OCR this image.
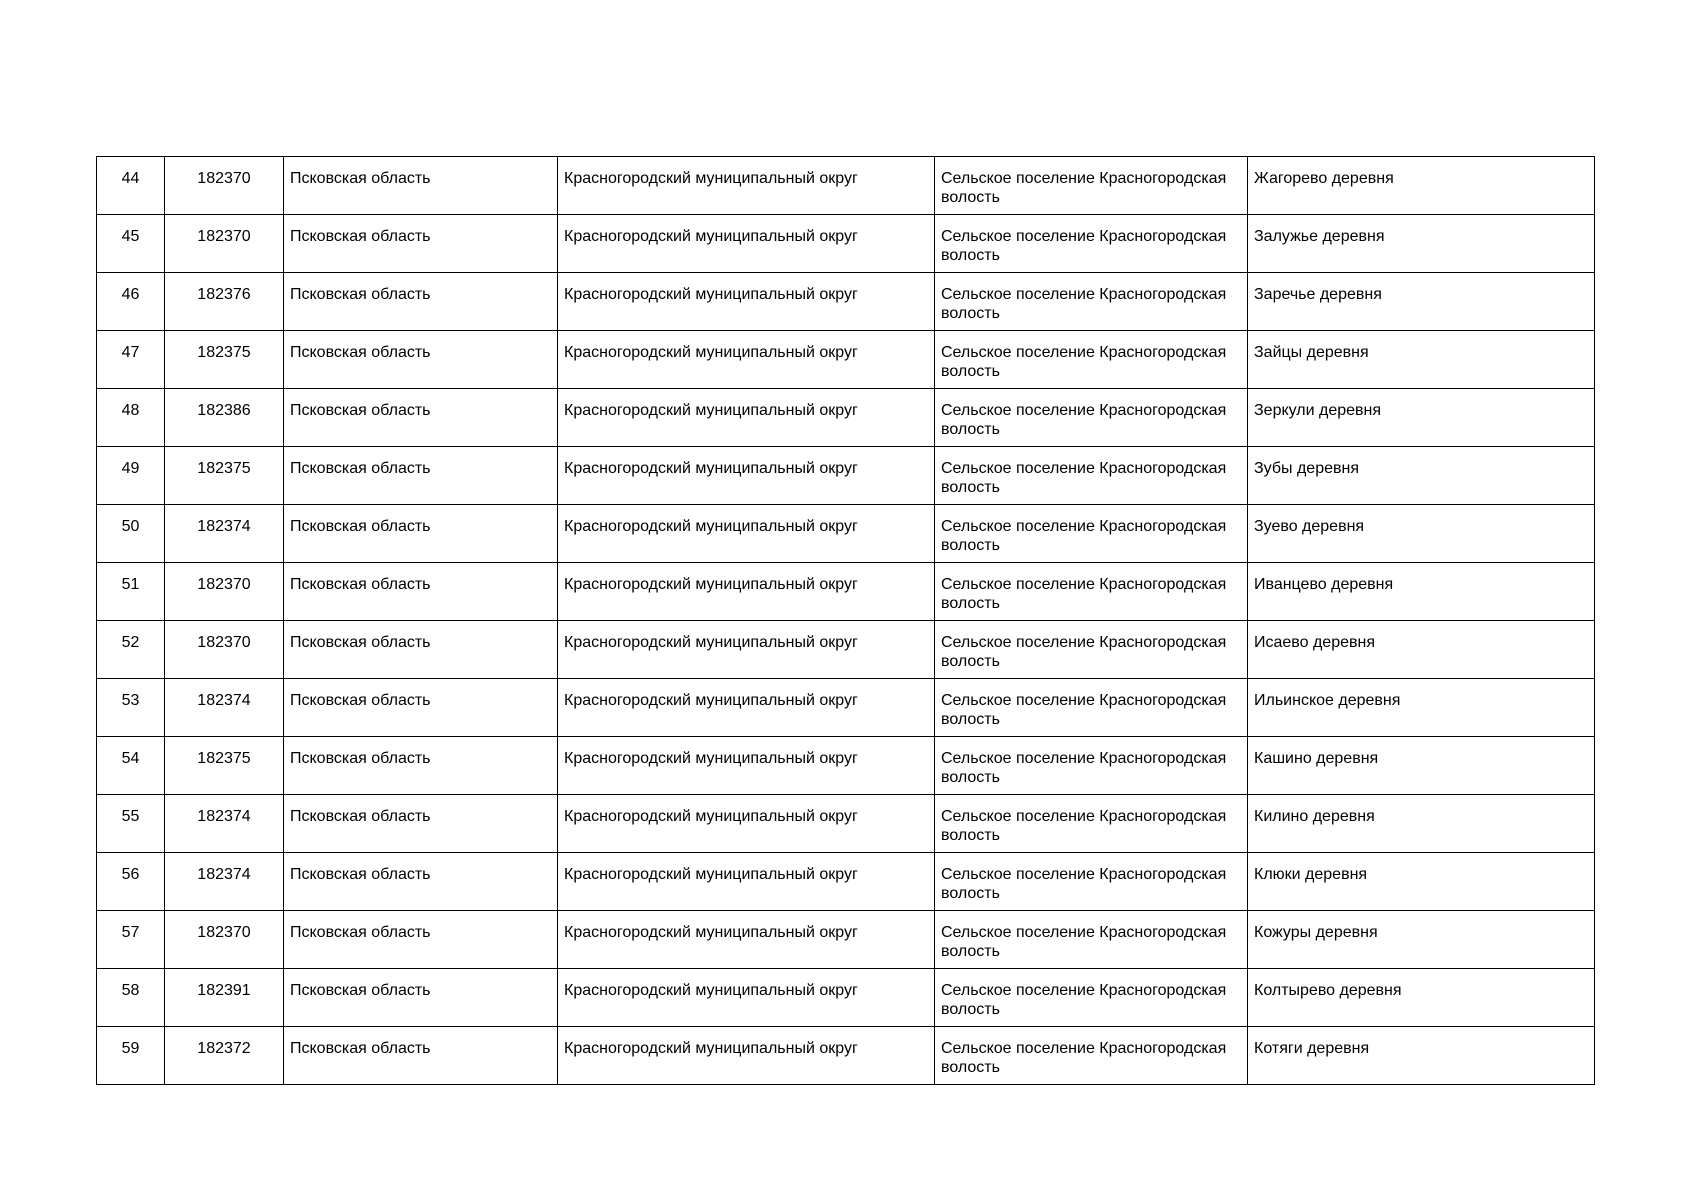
44	182370	Псковская область	Красногородский муниципальный округ	Сельское поселение Красногородская волость	Жагорево деревня
45	182370	Псковская область	Красногородский муниципальный округ	Сельское поселение Красногородская волость	Залужье деревня
46	182376	Псковская область	Красногородский муниципальный округ	Сельское поселение Красногородская волость	Заречье деревня
47	182375	Псковская область	Красногородский муниципальный округ	Сельское поселение Красногородская волость	Зайцы деревня
48	182386	Псковская область	Красногородский муниципальный округ	Сельское поселение Красногородская волость	Зеркули деревня
49	182375	Псковская область	Красногородский муниципальный округ	Сельское поселение Красногородская волость	Зубы деревня
50	182374	Псковская область	Красногородский муниципальный округ	Сельское поселение Красногородская волость	Зуево деревня
51	182370	Псковская область	Красногородский муниципальный округ	Сельское поселение Красногородская волость	Иванцево деревня
52	182370	Псковская область	Красногородский муниципальный округ	Сельское поселение Красногородская волость	Исаево деревня
53	182374	Псковская область	Красногородский муниципальный округ	Сельское поселение Красногородская волость	Ильинское деревня
54	182375	Псковская область	Красногородский муниципальный округ	Сельское поселение Красногородская волость	Кашино деревня
55	182374	Псковская область	Красногородский муниципальный округ	Сельское поселение Красногородская волость	Килино деревня
56	182374	Псковская область	Красногородский муниципальный округ	Сельское поселение Красногородская волость	Клюки деревня
57	182370	Псковская область	Красногородский муниципальный округ	Сельское поселение Красногородская волость	Кожуры деревня
58	182391	Псковская область	Красногородский муниципальный округ	Сельское поселение Красногородская волость	Колтырево деревня
59	182372	Псковская область	Красногородский муниципальный округ	Сельское поселение Красногородская волость	Котяги деревня
